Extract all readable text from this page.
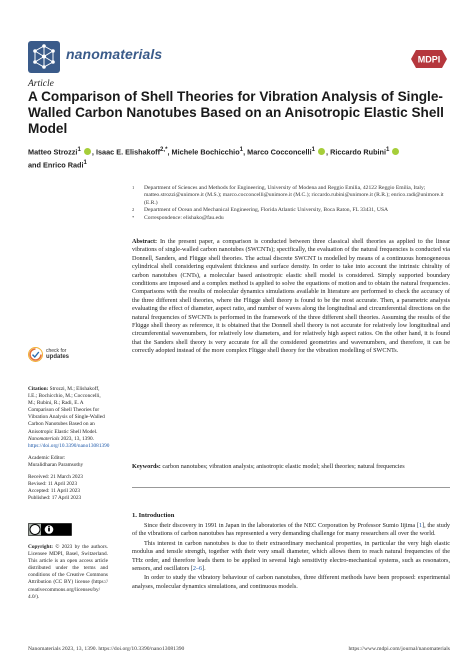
nanomaterials	MDPI
Article
A Comparison of Shell Theories for Vibration Analysis of Single-Walled Carbon Nanotubes Based on an Anisotropic Elastic Shell Model
Matteo Strozzi$^1$ , Isaac E. Elishakoff$^{2,*}$, Michele Bochicchio$^1$, Marco Cocconcelli$^1$ , Riccardo Rubini$^1$
and Enrico Radi$^1$
1 Department of Sciences and Methods for Engineering, University of Modena and Reggio Emilia, 42122 Reggio Emilia, Italy; matteo.strozzi@unimore.it (M.S.); marco.cocconcelli@unimore.it (M.C.); riccardo.rubini@unimore.it (R.R.); enrico.radi@unimore.it (E.R.)
2 Department of Ocean and Mechanical Engineering, Florida Atlantic University, Boca Raton, FL 33431, USA
* Correspondence: elishako@fau.edu
Abstract: In the present paper, a comparison is conducted between three classical shell theories as applied to the linear vibrations of single-walled carbon nanotubes (SWCNTs); specifically, the evaluation of the natural frequencies is conducted via Donnell, Sanders, and Flügge shell theories. The actual discrete SWCNT is modelled by means of a continuous homogeneous cylindrical shell considering equivalent thickness and surface density. In order to take into account the intrinsic chirality of carbon nanotubes (CNTs), a molecular based anisotropic elastic shell model is considered. Simply supported boundary conditions are imposed and a complex method is applied to solve the equations of motion and to obtain the natural frequencies. Comparisons with the results of molecular dynamics simulations available in literature are performed to check the accuracy of the three different shell theories, where the Flügge shell theory is found to be the most accurate. Then, a parametric analysis evaluating the effect of diameter, aspect ratio, and number of waves along the longitudinal and circumferential directions on the natural frequencies of SWCNTs is performed in the framework of the three different shell theories. Assuming the results of the Flügge shell theory as reference, it is obtained that the Donnell shell theory is not accurate for relatively low longitudinal and circumferential wavenumbers, for relatively low diameters, and for relatively high aspect ratios. On the other hand, it is found that the Sanders shell theory is very accurate for all the considered geometries and wavenumbers, and therefore, it can be correctly adopted instead of the more complex Flügge shell theory for the vibration modelling of SWCNTs.
Keywords: carbon nanotubes; vibration analysis; anisotropic elastic model; shell theories; natural frequencies
1. Introduction

Since their discovery in 1991 in Japan in the laboratories of the NEC Corporation by Professor Sumio Iijima [1], the study of the vibrations of carbon nanotubes has represented a very demanding challenge for many researchers all over the world.

This interest in carbon nanotubes is due to their extraordinary mechanical properties, in particular the very high elastic modulus and tensile strength, together with their very small diameter, which allows them to reach natural frequencies of the THz order, and therefore leads them to be applied in several high sensitivity electro-mechanical systems, such as resonators, sensors, and oscillators [2–6].

In order to study the vibratory behaviour of carbon nanotubes, three different methods have been proposed: experimental analyses, molecular dynamics simulations, and continuous models.

check for
updates

Citation: Strozzi, M.; Elishakoff, I.E.; Bochicchio, M.; Cocconcelli, M.; Rubini, R.; Radi, E. A Comparison of Shell Theories for Vibration Analysis of Single-Walled Carbon Nanotubes Based on an Anisotropic Elastic Shell Model. Nanomaterials 2023, 13, 1390. https://doi.org/10.3390/nano13081390

Academic Editor:
Muralidharan Paramsothy

Received: 21 March 2023
Revised: 11 April 2023
Accepted: 11 April 2023
Published: 17 April 2023

Copyright: © 2023 by the authors. Licensee MDPI, Basel, Switzerland. This article is an open access article distributed under the terms and conditions of the Creative Commons Attribution (CC BY) license (https:// creativecommons.org/licenses/by/ 4.0/).
Nanomaterials 2023, 13, 1390. https://doi.org/10.3390/nano13081390	https://www.mdpi.com/journal/nanomaterials
